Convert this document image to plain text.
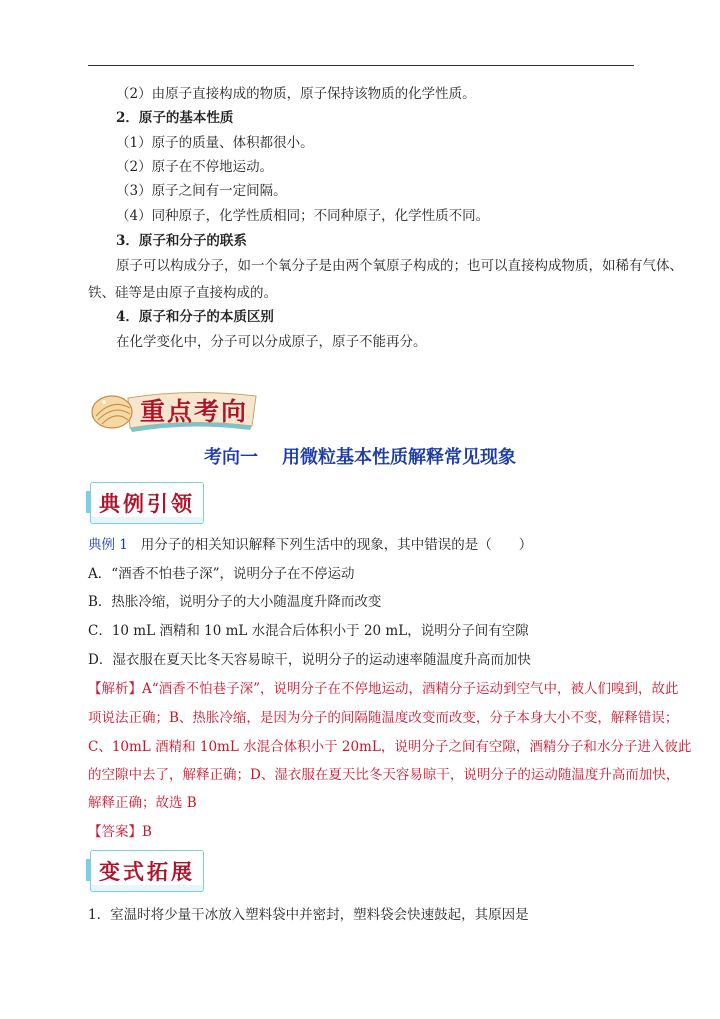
（2）由原子直接构成的物质，原子保持该物质的化学性质。
2．原子的基本性质
（1）原子的质量、体积都很小。
（2）原子在不停地运动。
（3）原子之间有一定间隔。
（4）同种原子，化学性质相同；不同种原子，化学性质不同。
3．原子和分子的联系
原子可以构成分子，如一个氧分子是由两个氧原子构成的；也可以直接构成物质，如稀有气体、
铁、硅等是由原子直接构成的。
4．原子和分子的本质区别
在化学变化中，分子可以分成原子，原子不能再分。
重点考向
考向一 用微粒基本性质解释常见现象
典例引领
典例 1 用分子的相关知识解释下列生活中的现象，其中错误的是（　　）
A．“酒香不怕巷子深”，说明分子在不停运动
B．热胀冷缩，说明分子的大小随温度升降而改变
C．10 mL 酒精和 10 mL 水混合后体积小于 20 mL，说明分子间有空隙
D．湿衣服在夏天比冬天容易晾干，说明分子的运动速率随温度升高而加快
【解析】A“酒香不怕巷子深”，说明分子在不停地运动，酒精分子运动到空气中，被人们嗅到，故此
项说法正确；B、热胀冷缩，是因为分子的间隔随温度改变而改变，分子本身大小不变，解释错误；
C、10mL 酒精和 10mL 水混合体积小于 20mL，说明分子之间有空隙，酒精分子和水分子进入彼此
的空隙中去了，解释正确；D、湿衣服在夏天比冬天容易晾干，说明分子的运动随温度升高而加快，
解释正确；故选 B
【答案】B
变式拓展
1．室温时将少量干冰放入塑料袋中并密封，塑料袋会快速鼓起，其原因是
